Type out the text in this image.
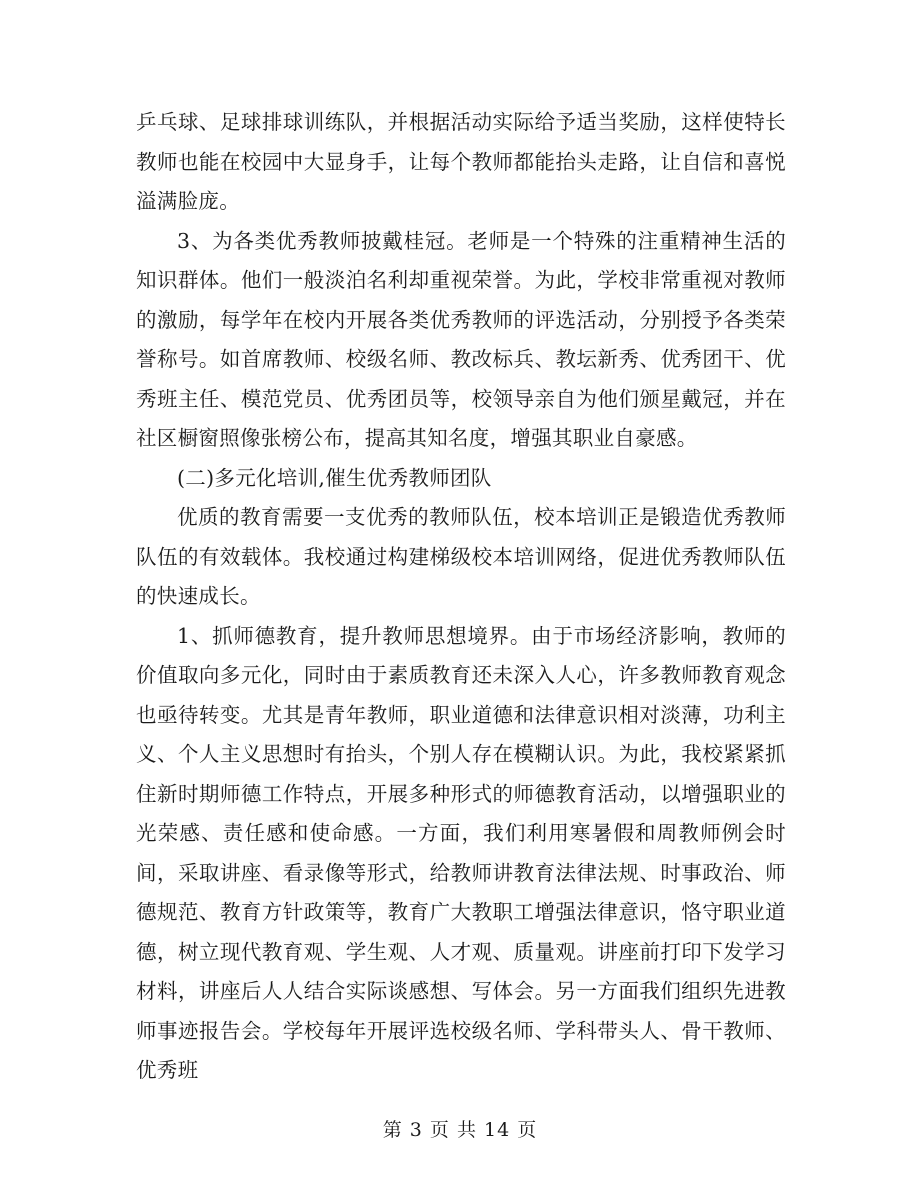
乒乓球、足球排球训练队，并根据活动实际给予适当奖励，这样使特长教师也能在校园中大显身手，让每个教师都能抬头走路，让自信和喜悦溢满脸庞。

3、为各类优秀教师披戴桂冠。老师是一个特殊的注重精神生活的知识群体。他们一般淡泊名利却重视荣誉。为此，学校非常重视对教师的激励，每学年在校内开展各类优秀教师的评选活动，分别授予各类荣誉称号。如首席教师、校级名师、教改标兵、教坛新秀、优秀团干、优秀班主任、模范党员、优秀团员等，校领导亲自为他们颁星戴冠，并在社区橱窗照像张榜公布，提高其知名度，增强其职业自豪感。

(二)多元化培训,催生优秀教师团队

优质的教育需要一支优秀的教师队伍，校本培训正是锻造优秀教师队伍的有效载体。我校通过构建梯级校本培训网络，促进优秀教师队伍的快速成长。

1、抓师德教育，提升教师思想境界。由于市场经济影响，教师的价值取向多元化，同时由于素质教育还未深入人心，许多教师教育观念也亟待转变。尤其是青年教师，职业道德和法律意识相对淡薄，功利主义、个人主义思想时有抬头，个别人存在模糊认识。为此，我校紧紧抓住新时期师德工作特点，开展多种形式的师德教育活动，以增强职业的光荣感、责任感和使命感。一方面，我们利用寒暑假和周教师例会时间，采取讲座、看录像等形式，给教师讲教育法律法规、时事政治、师德规范、教育方针政策等，教育广大教职工增强法律意识，恪守职业道德，树立现代教育观、学生观、人才观、质量观。讲座前打印下发学习材料，讲座后人人结合实际谈感想、写体会。另一方面我们组织先进教师事迹报告会。学校每年开展评选校级名师、学科带头人、骨干教师、优秀班

第 3 页 共 14 页
